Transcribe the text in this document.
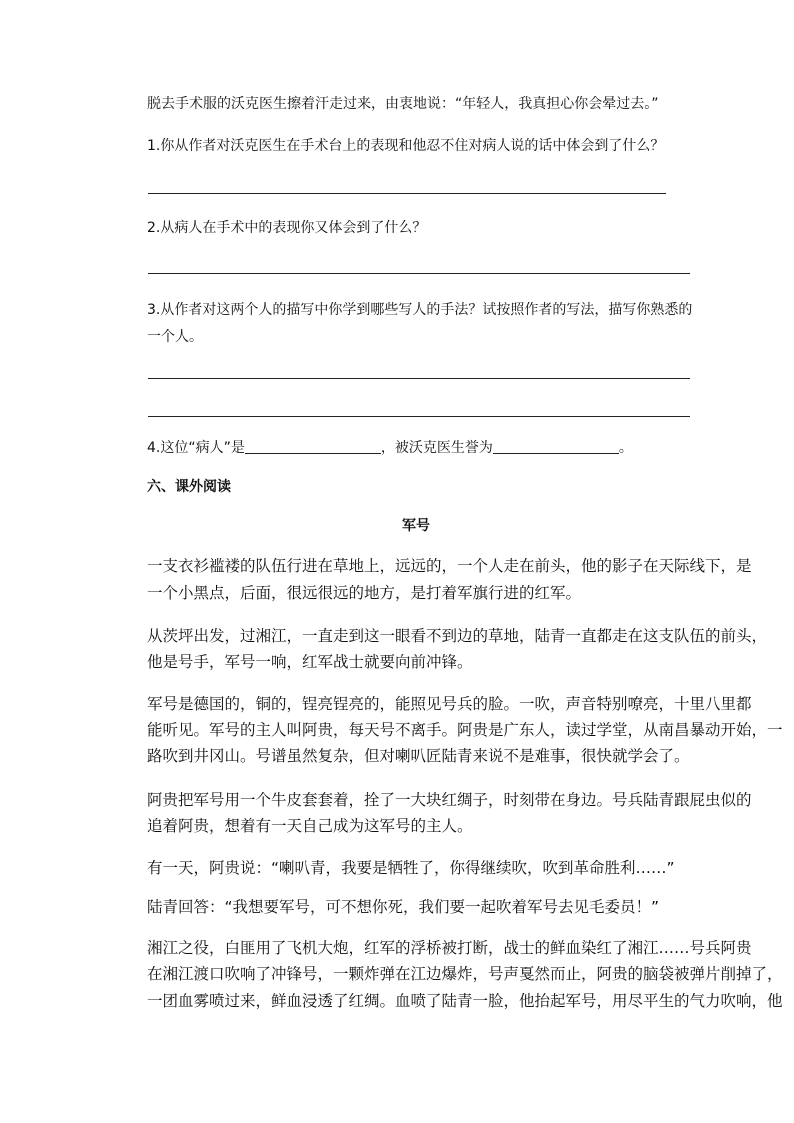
脱去手术服的沃克医生擦着汗走过来，由衷地说：“年轻人，我真担心你会晕过去。”

1.你从作者对沃克医生在手术台上的表现和他忍不住对病人说的话中体会到了什么？

2.从病人在手术中的表现你又体会到了什么？

3.从作者对这两个人的描写中你学到哪些写人的手法？试按照作者的写法，描写你熟悉的

一个人。

4.这位“病人”是	，被沃克医生誉为	。

六、课外阅读

军号

一支衣衫褴褛的队伍行进在草地上，远远的，一个人走在前头，他的影子在天际线下，是

一个小黑点，后面，很远很远的地方，是打着军旗行进的红军。

从茨坪出发，过湘江，一直走到这一眼看不到边的草地，陆青一直都走在这支队伍的前头，

他是号手，军号一响，红军战士就要向前冲锋。

军号是德国的，铜的，锃亮锃亮的，能照见号兵的脸。一吹，声音特别嘹亮，十里八里都

能听见。军号的主人叫阿贵，每天号不离手。阿贵是广东人，读过学堂，从南昌暴动开始，一

路吹到井冈山。号谱虽然复杂，但对喇叭匠陆青来说不是难事，很快就学会了。

阿贵把军号用一个牛皮套套着，拴了一大块红绸子，时刻带在身边。号兵陆青跟屁虫似的

追着阿贵，想着有一天自己成为这军号的主人。

有一天，阿贵说：“喇叭青，我要是牺牲了，你得继续吹，吹到革命胜利……”

陆青回答：“我想要军号，可不想你死，我们要一起吹着军号去见毛委员！”

湘江之役，白匪用了飞机大炮，红军的浮桥被打断，战士的鲜血染红了湘江……号兵阿贵

在湘江渡口吹响了冲锋号，一颗炸弹在江边爆炸，号声戛然而止，阿贵的脑袋被弹片削掉了，

一团血雾喷过来，鲜血浸透了红绸。血喷了陆青一脸，他抬起军号，用尽平生的气力吹响，他
